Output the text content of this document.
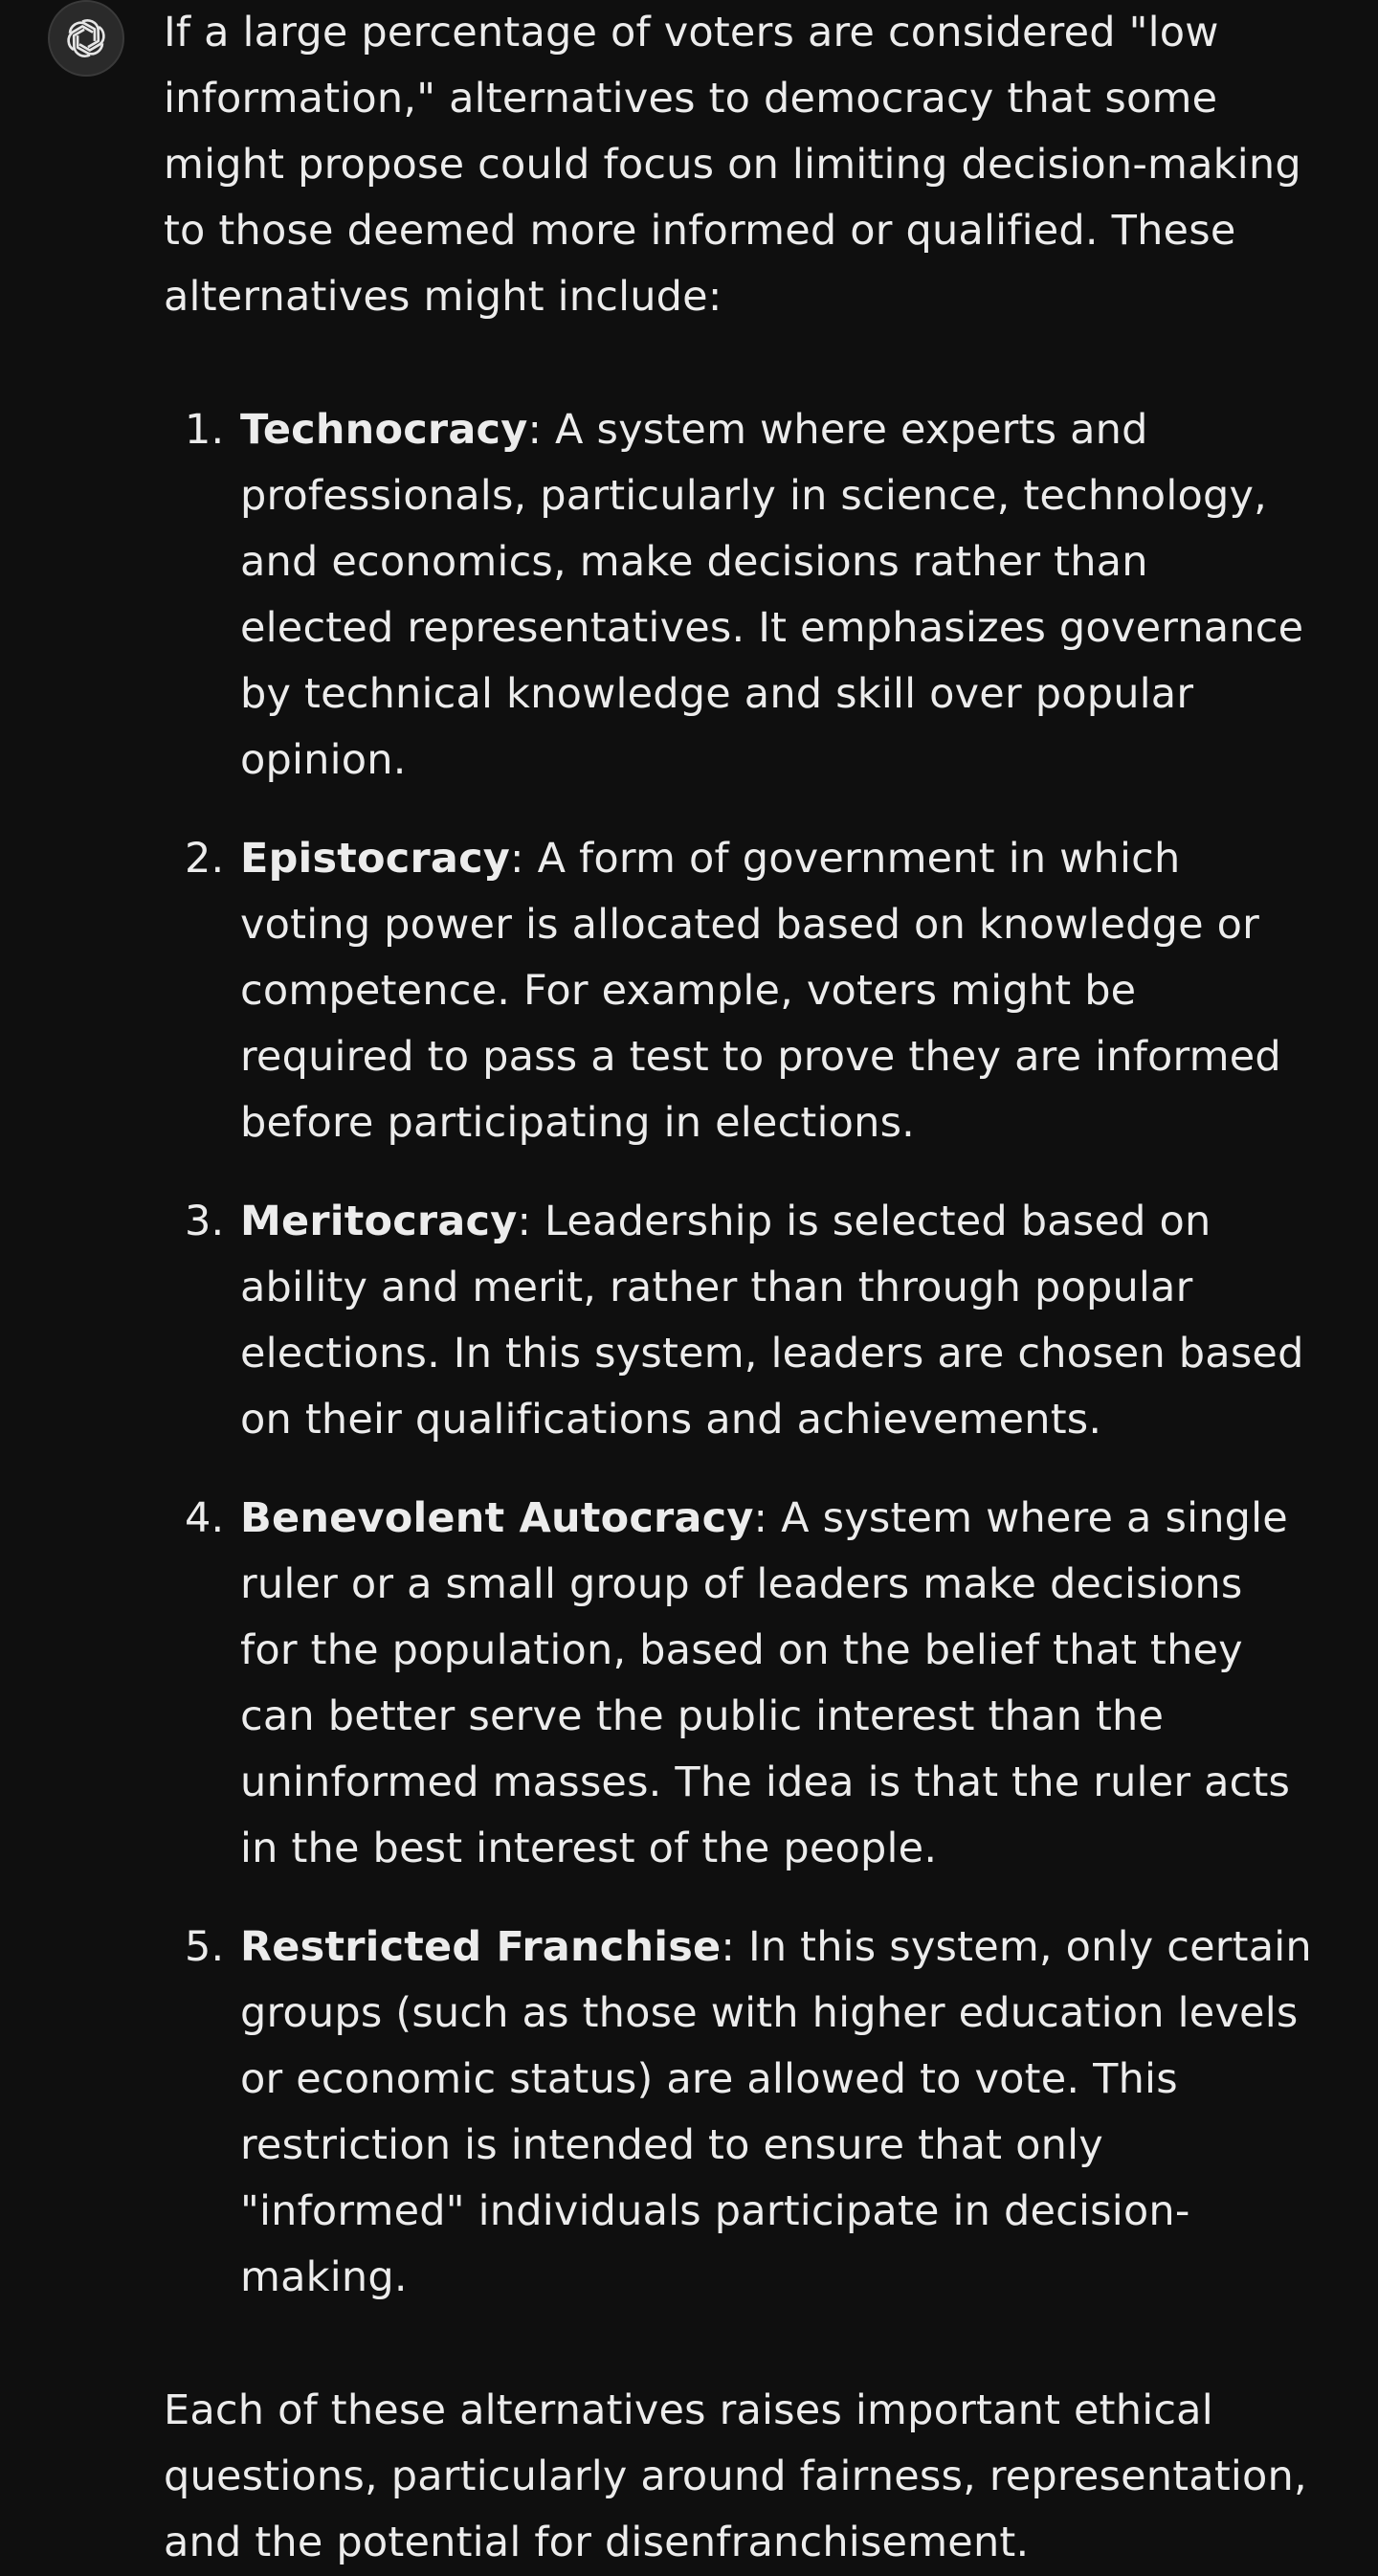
If a large percentage of voters are considered "low information," alternatives to democracy that some might propose could focus on limiting decision-making to those deemed more informed or qualified. These alternatives might include:

1. Technocracy: A system where experts and professionals, particularly in science, technology, and economics, make decisions rather than elected representatives. It emphasizes governance by technical knowledge and skill over popular opinion.
2. Epistocracy: A form of government in which voting power is allocated based on knowledge or competence. For example, voters might be required to pass a test to prove they are informed before participating in elections.
3. Meritocracy: Leadership is selected based on ability and merit, rather than through popular elections. In this system, leaders are chosen based on their qualifications and achievements.
4. Benevolent Autocracy: A system where a single ruler or a small group of leaders make decisions for the population, based on the belief that they can better serve the public interest than the uninformed masses. The idea is that the ruler acts in the best interest of the people.
5. Restricted Franchise: In this system, only certain groups (such as those with higher education levels or economic status) are allowed to vote. This restriction is intended to ensure that only "informed" individuals participate in decision-making.

Each of these alternatives raises important ethical questions, particularly around fairness, representation, and the potential for disenfranchisement.
